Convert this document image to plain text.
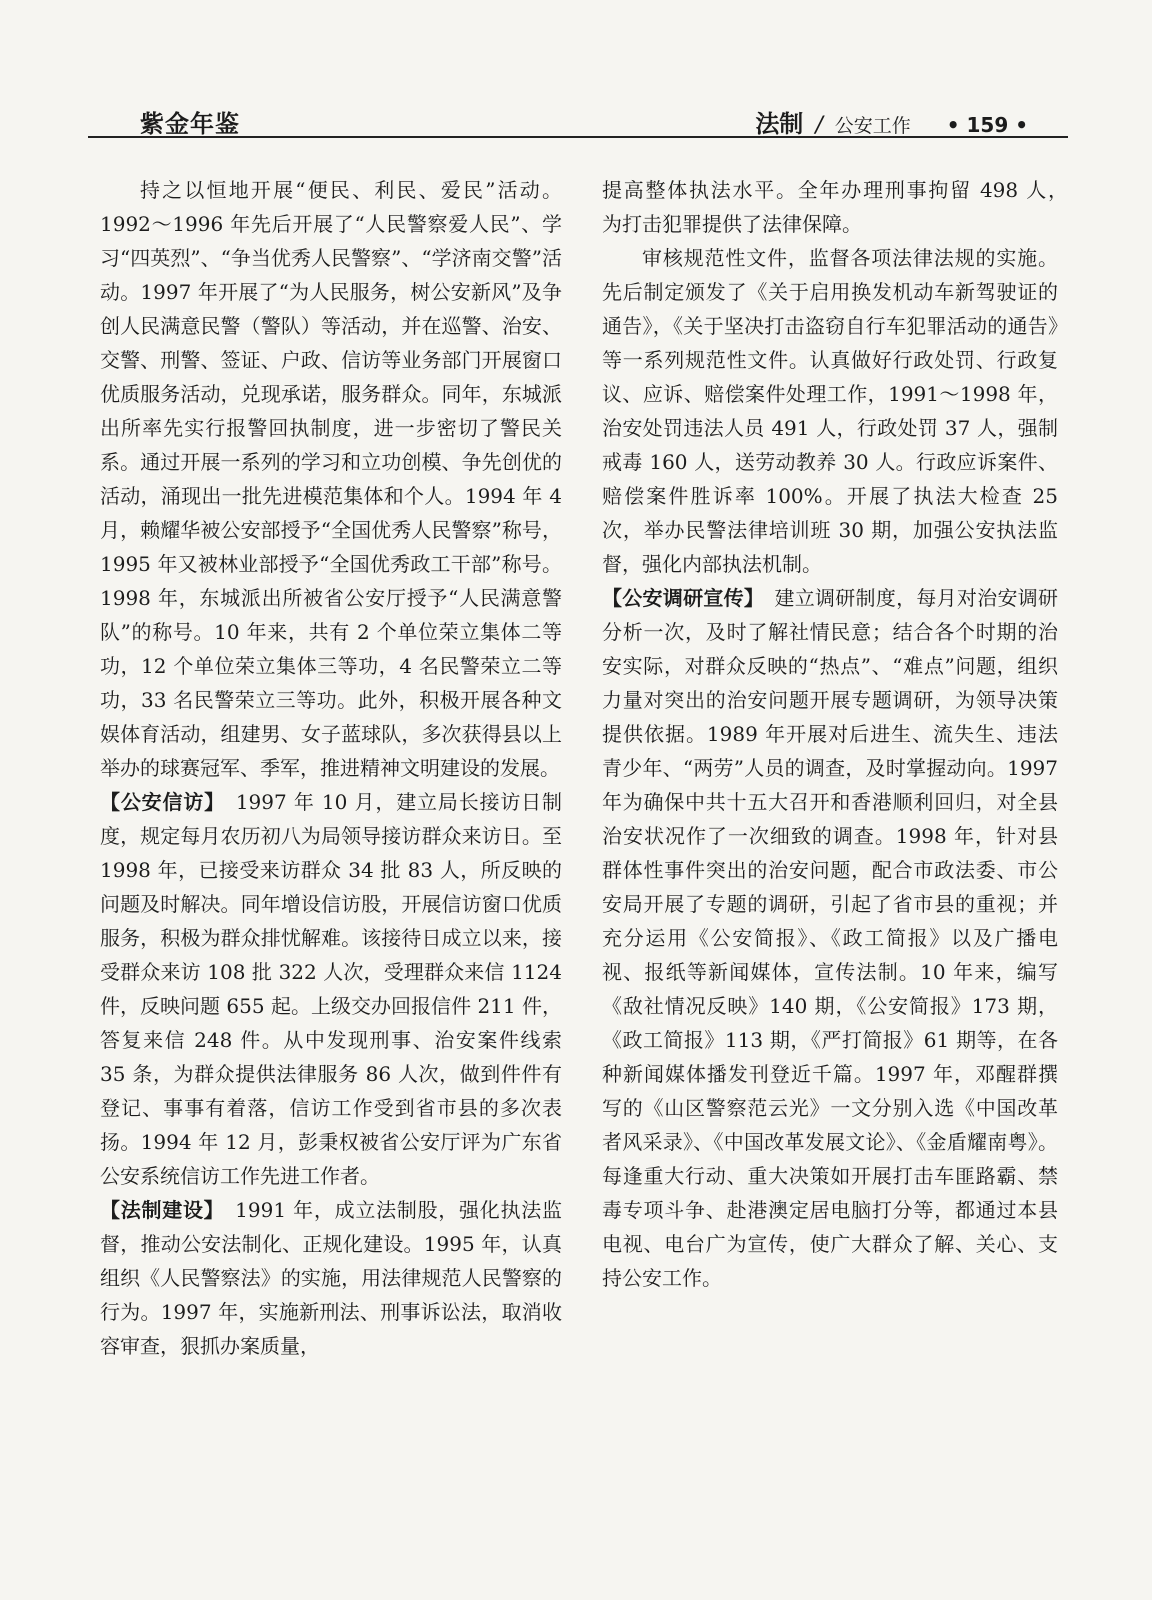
紫金年鉴	法制 / 公安工作 • 159 •

持之以恒地开展“便民、利民、爱民”活动。1992～1996 年先后开展了“人民警察爱人民”、学习“四英烈”、“争当优秀人民警察”、“学济南交警”活动。1997 年开展了“为人民服务，树公安新风”及争创人民满意民警（警队）等活动，并在巡警、治安、交警、刑警、签证、户政、信访等业务部门开展窗口优质服务活动，兑现承诺，服务群众。同年，东城派出所率先实行报警回执制度，进一步密切了警民关系。通过开展一系列的学习和立功创模、争先创优的活动，涌现出一批先进模范集体和个人。1994 年 4 月，赖耀华被公安部授予“全国优秀人民警察”称号，1995 年又被林业部授予“全国优秀政工干部”称号。1998 年，东城派出所被省公安厅授予“人民满意警队”的称号。10 年来，共有 2 个单位荣立集体二等功，12 个单位荣立集体三等功，4 名民警荣立二等功，33 名民警荣立三等功。此外，积极开展各种文娱体育活动，组建男、女子蓝球队，多次获得县以上举办的球赛冠军、季军，推进精神文明建设的发展。

【公安信访】　1997 年 10 月，建立局长接访日制度，规定每月农历初八为局领导接访群众来访日。至 1998 年，已接受来访群众 34 批 83 人，所反映的问题及时解决。同年增设信访股，开展信访窗口优质服务，积极为群众排忧解难。该接待日成立以来，接受群众来访 108 批 322 人次，受理群众来信 1124 件，反映问题 655 起。上级交办回报信件 211 件，答复来信 248 件。从中发现刑事、治安案件线索 35 条，为群众提供法律服务 86 人次，做到件件有登记、事事有着落，信访工作受到省市县的多次表扬。1994 年 12 月，彭秉权被省公安厅评为广东省公安系统信访工作先进工作者。

【法制建设】　1991 年，成立法制股，强化执法监督，推动公安法制化、正规化建设。1995 年，认真组织《人民警察法》的实施，用法律规范人民警察的行为。1997 年，实施新刑法、刑事诉讼法，取消收容审查，狠抓办案质量，

提高整体执法水平。全年办理刑事拘留 498 人，　为打击犯罪提供了法律保障。

审核规范性文件，监督各项法律法规的实施。先后制定颁发了《关于启用换发机动车新驾驶证的通告》，《关于坚决打击盗窃自行车犯罪活动的通告》等一系列规范性文件。认真做好行政处罚、行政复议、应诉、赔偿案件处理工作，1991～1998 年，治安处罚违法人员 491 人，行政处罚 37 人，强制戒毒 160 人，送劳动教养 30 人。行政应诉案件、赔偿案件胜诉率 100%。开展了执法大检查 25 次，举办民警法律培训班 30 期，加强公安执法监督，强化内部执法机制。

【公安调研宣传】　建立调研制度，每月对治安调研分析一次，及时了解社情民意；结合各个时期的治安实际，对群众反映的“热点”、“难点”问题，组织力量对突出的治安问题开展专题调研，为领导决策提供依据。1989 年开展对后进生、流失生、违法青少年、“两劳”人员的调查，及时掌握动向。1997 年为确保中共十五大召开和香港顺利回归，对全县治安状况作了一次细致的调查。1998 年，针对县群体性事件突出的治安问题，配合市政法委、市公安局开展了专题的调研，引起了省市县的重视；并充分运用《公安简报》、《政工简报》以及广播电视、报纸等新闻媒体，宣传法制。10 年来，编写《敌社情况反映》140 期，《公安简报》173 期，《政工简报》113 期，《严打简报》61 期等，在各种新闻媒体播发刊登近千篇。1997 年，邓醒群撰写的《山区警察范云光》一文分别入选《中国改革者风采录》、《中国改革发展文论》、《金盾耀南粤》。每逢重大行动、重大决策如开展打击车匪路霸、禁毒专项斗争、赴港澳定居电脑打分等，都通过本县电视、电台广为宣传，使广大群众了解、关心、支持公安工作。
